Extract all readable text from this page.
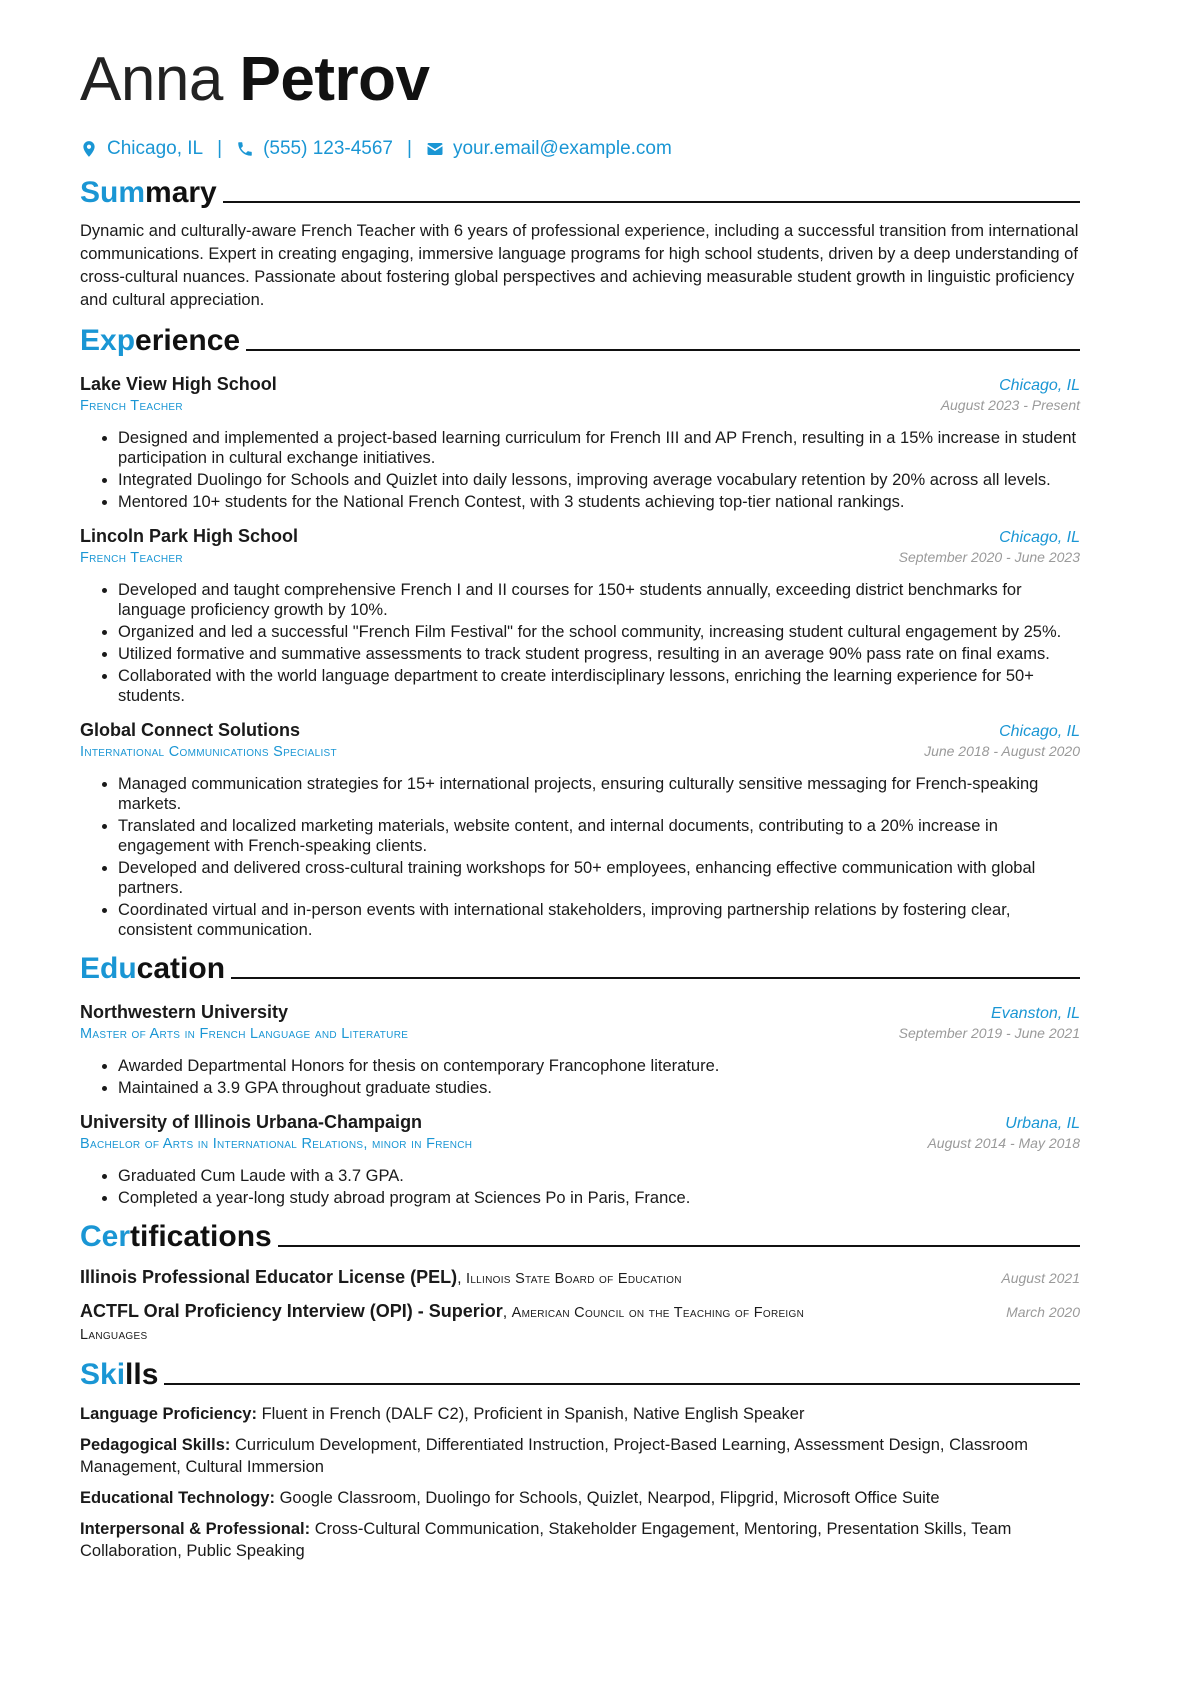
Anna Petrov
Chicago, IL | (555) 123-4567 | your.email@example.com
Summary

Dynamic and culturally-aware French Teacher with 6 years of professional experience, including a successful transition from international communications. Expert in creating engaging, immersive language programs for high school students, driven by a deep understanding of cross-cultural nuances. Passionate about fostering global perspectives and achieving measurable student growth in linguistic proficiency and cultural appreciation.

Experience
Lake View High School	Chicago, IL
French Teacher	August 2023 - Present
• Designed and implemented a project-based learning curriculum for French III and AP French, resulting in a 15% increase in student participation in cultural exchange initiatives.
• Integrated Duolingo for Schools and Quizlet into daily lessons, improving average vocabulary retention by 20% across all levels.
• Mentored 10+ students for the National French Contest, with 3 students achieving top-tier national rankings.
Lincoln Park High School	Chicago, IL
French Teacher	September 2020 - June 2023
• Developed and taught comprehensive French I and II courses for 150+ students annually, exceeding district benchmarks for language proficiency growth by 10%.
• Organized and led a successful "French Film Festival" for the school community, increasing student cultural engagement by 25%.
• Utilized formative and summative assessments to track student progress, resulting in an average 90% pass rate on final exams.
• Collaborated with the world language department to create interdisciplinary lessons, enriching the learning experience for 50+ students.
Global Connect Solutions	Chicago, IL
International Communications Specialist	June 2018 - August 2020
• Managed communication strategies for 15+ international projects, ensuring culturally sensitive messaging for French-speaking markets.
• Translated and localized marketing materials, website content, and internal documents, contributing to a 20% increase in engagement with French-speaking clients.
• Developed and delivered cross-cultural training workshops for 50+ employees, enhancing effective communication with global partners.
• Coordinated virtual and in-person events with international stakeholders, improving partnership relations by fostering clear, consistent communication.
Education
Northwestern University	Evanston, IL
Master of Arts in French Language and Literature	September 2019 - June 2021
• Awarded Departmental Honors for thesis on contemporary Francophone literature.
• Maintained a 3.9 GPA throughout graduate studies.
University of Illinois Urbana-Champaign	Urbana, IL
Bachelor of Arts in International Relations, minor in French	August 2014 - May 2018
• Graduated Cum Laude with a 3.7 GPA.
• Completed a year-long study abroad program at Sciences Po in Paris, France.
Certifications
Illinois Professional Educator License (PEL), Illinois State Board of Education	August 2021
ACTFL Oral Proficiency Interview (OPI) - Superior, American Council on the Teaching of Foreign Languages
March 2020
Skills
Language Proficiency: Fluent in French (DALF C2), Proficient in Spanish, Native English Speaker
Pedagogical Skills: Curriculum Development, Differentiated Instruction, Project-Based Learning, Assessment Design, Classroom Management, Cultural Immersion
Educational Technology: Google Classroom, Duolingo for Schools, Quizlet, Nearpod, Flipgrid, Microsoft Office Suite
Interpersonal & Professional: Cross-Cultural Communication, Stakeholder Engagement, Mentoring, Presentation Skills, Team Collaboration, Public Speaking
